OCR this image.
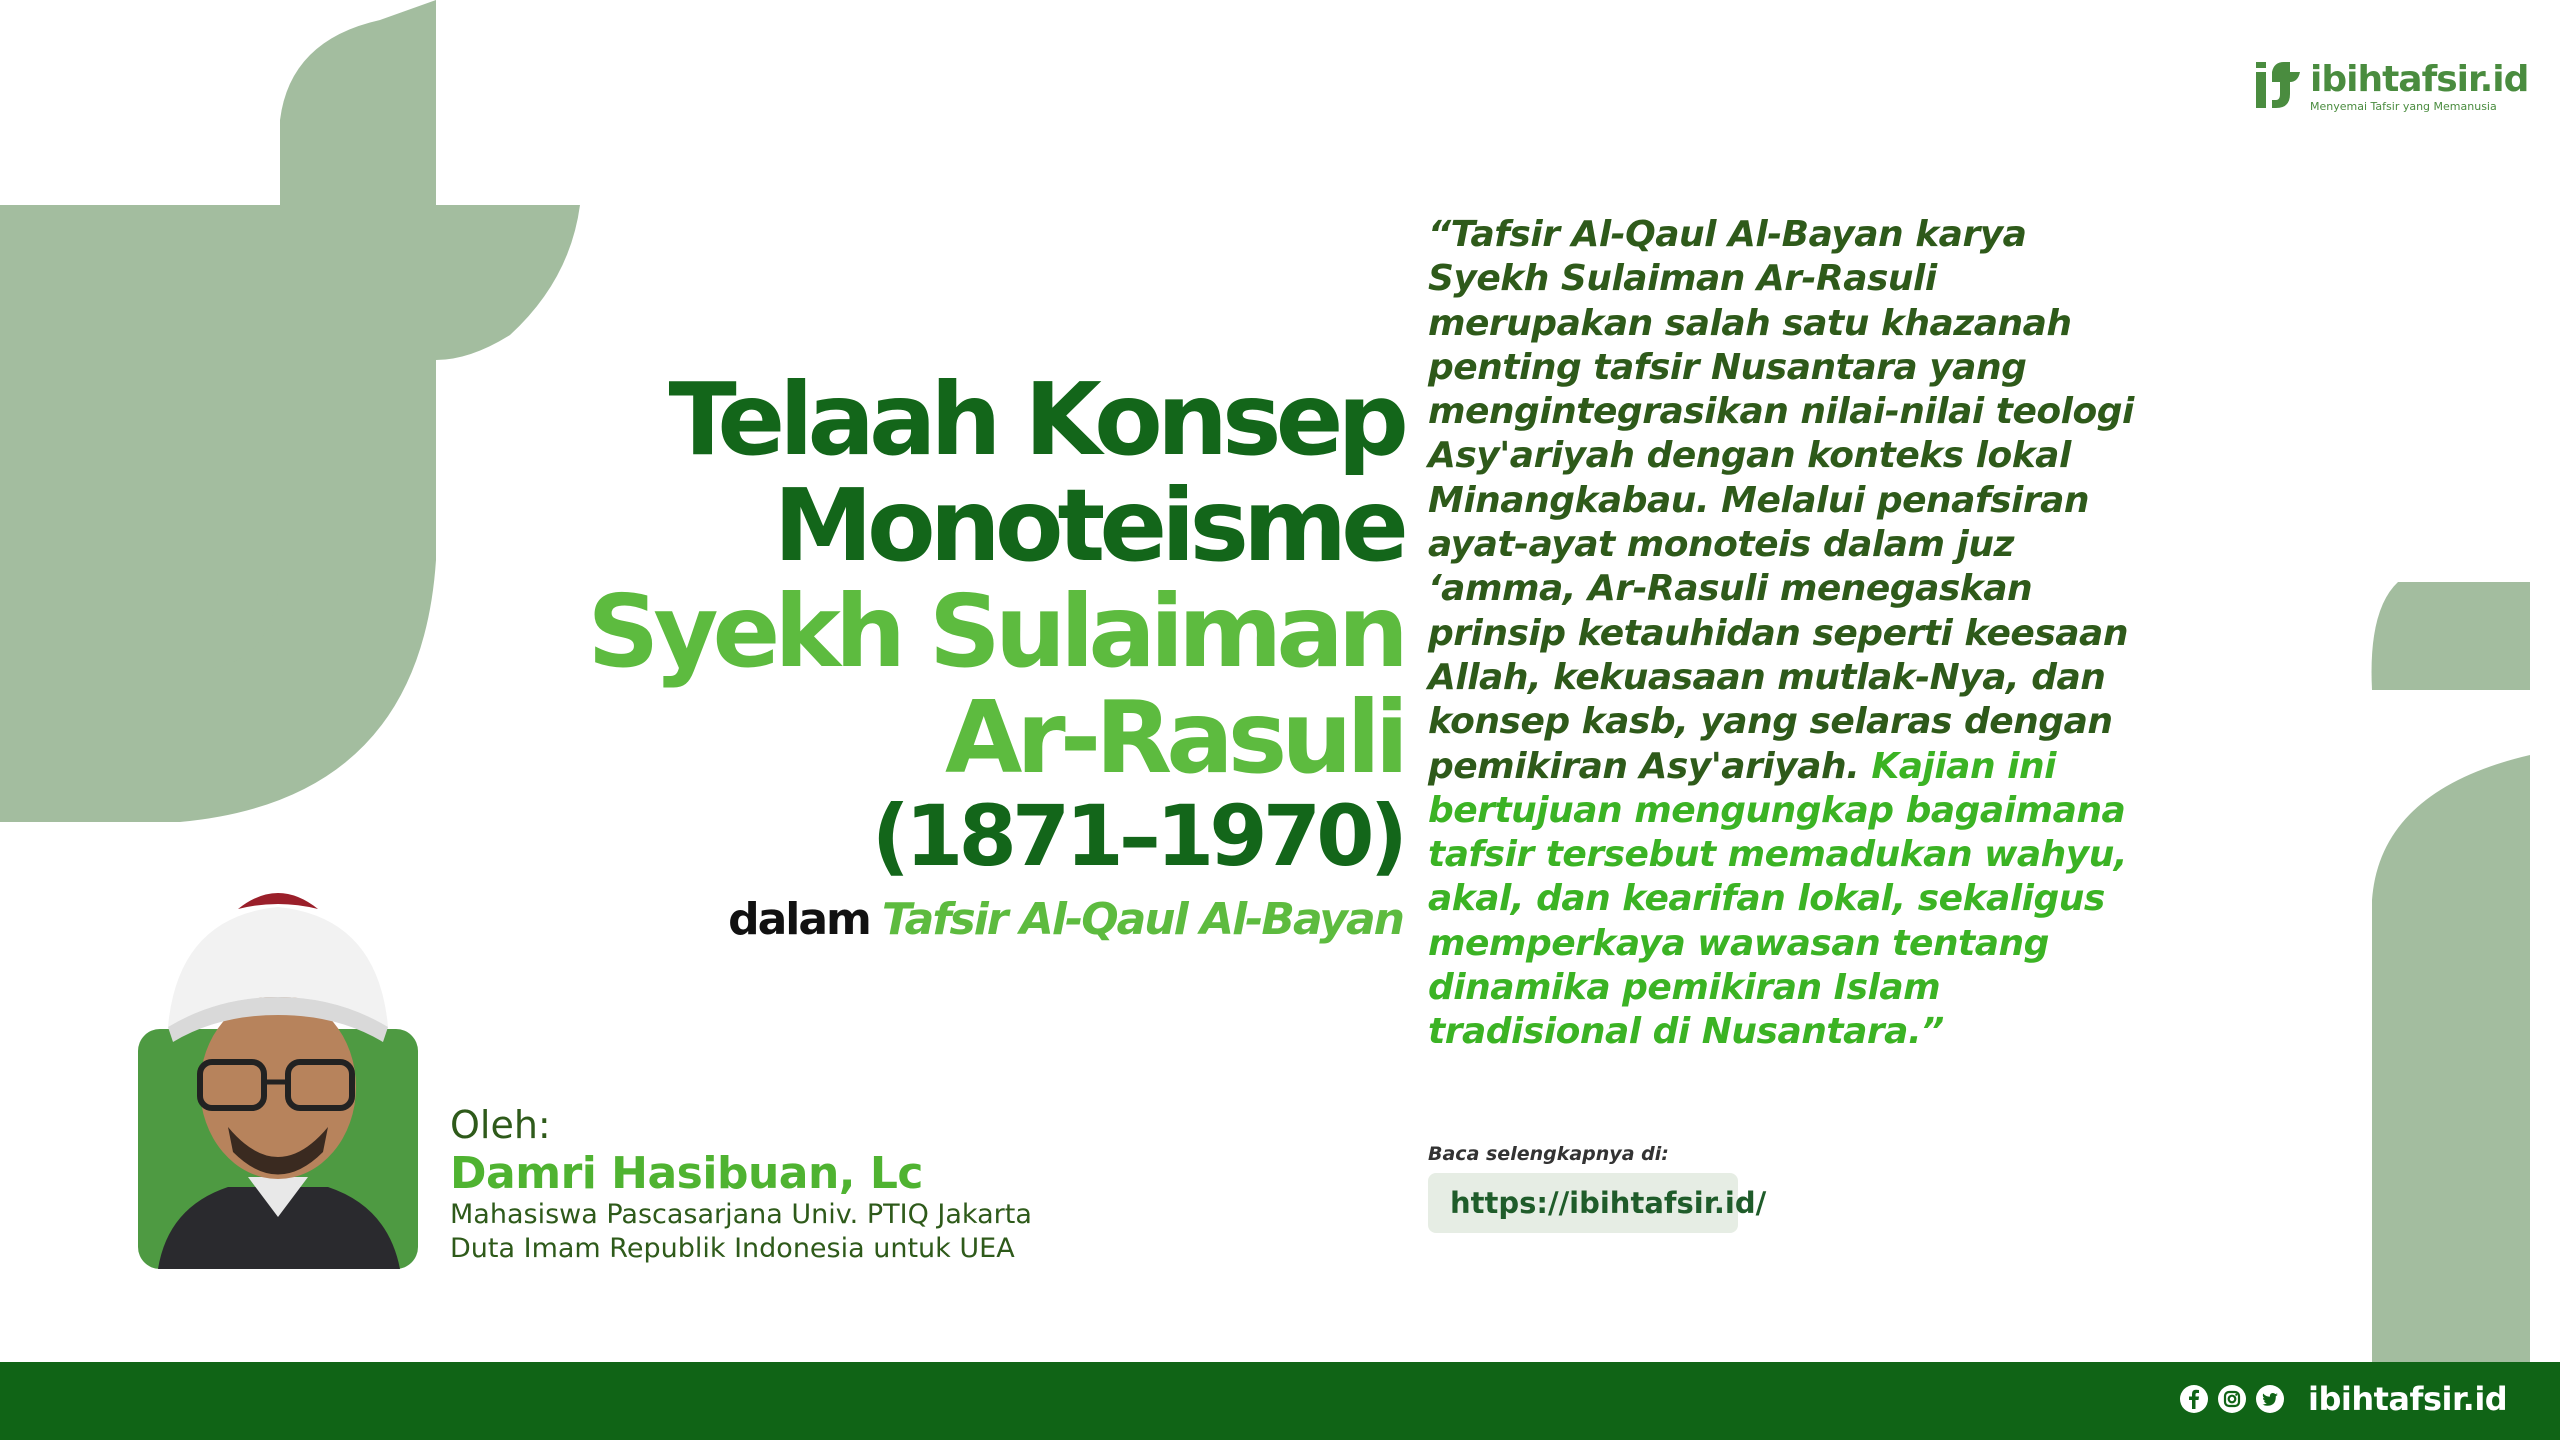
ibihtafsir.id
Menyemai Tafsir yang Memanusia
Telaah Konsep
Monoteisme
Syekh Sulaiman
Ar-Rasuli
(1871–1970)
dalam Tafsir Al-Qaul Al-Bayan
“Tafsir Al-Qaul Al-Bayan karya Syekh Sulaiman Ar-Rasuli merupakan salah satu khazanah penting tafsir Nusantara yang mengintegrasikan nilai-nilai teologi Asy'ariyah dengan konteks lokal Minangkabau. Melalui penafsiran ayat-ayat monoteis dalam juz ‘amma, Ar-Rasuli menegaskan prinsip ketauhidan seperti keesaan Allah, kekuasaan mutlak-Nya, dan konsep kasb, yang selaras dengan pemikiran Asy'ariyah. Kajian ini bertujuan mengungkap bagaimana tafsir tersebut memadukan wahyu, akal, dan kearifan lokal, sekaligus memperkaya wawasan tentang dinamika pemikiran Islam tradisional di Nusantara.”
Baca selengkapnya di:
https://ibihtafsir.id/
Oleh:
Damri Hasibuan, Lc
Mahasiswa Pascasarjana Univ. PTIQ Jakarta
Duta Imam Republik Indonesia untuk UEA
ibihtafsir.id
